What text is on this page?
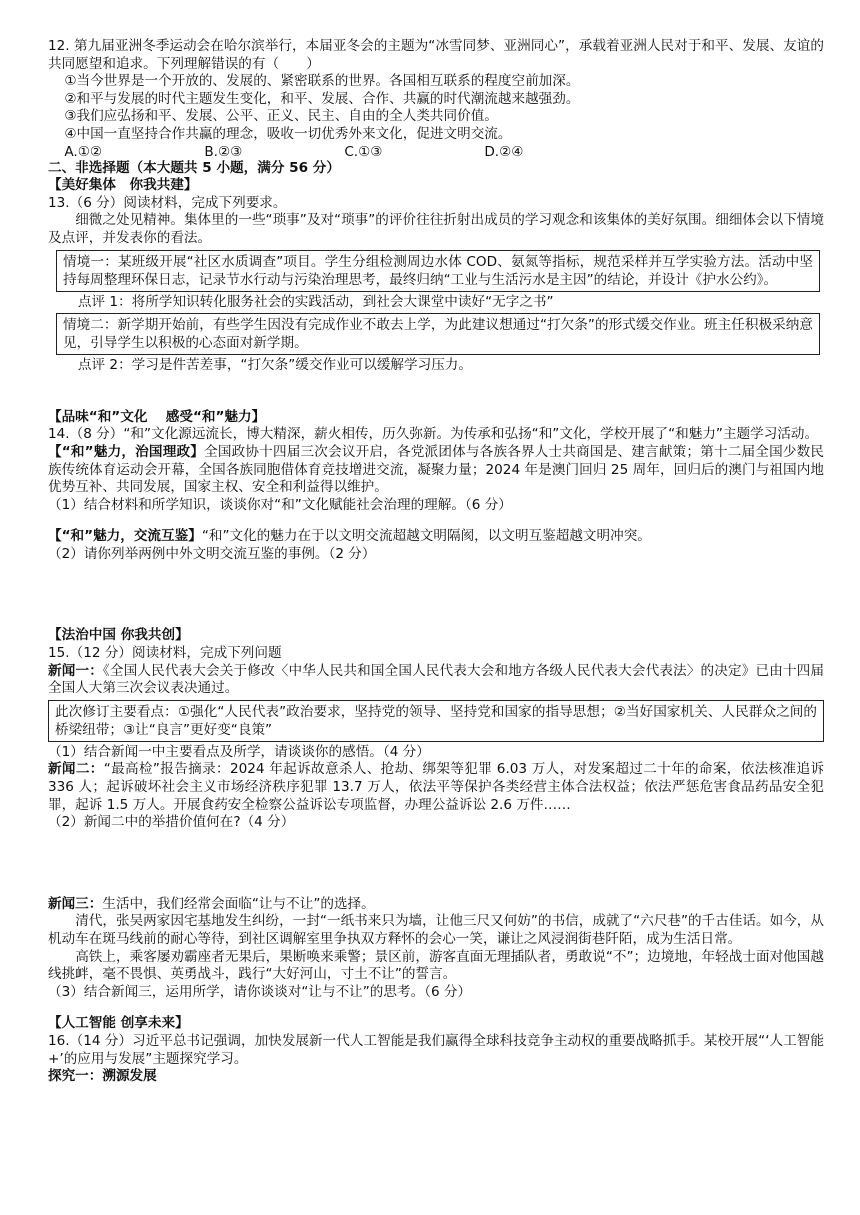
12. 第九届亚洲冬季运动会在哈尔滨举行，本届亚冬会的主题为“冰雪同梦、亚洲同心”，承载着亚洲人民对于和平、发展、友谊的共同愿望和追求。下列理解错误的有（　　）

①当今世界是一个开放的、发展的、紧密联系的世界。各国相互联系的程度空前加深。

②和平与发展的时代主题发生变化，和平、发展、合作、共赢的时代潮流越来越强劲。

③我们应弘扬和平、发展、公平、正义、民主、自由的全人类共同价值。

④中国一直坚持合作共赢的理念，吸收一切优秀外来文化，促进文明交流。

A.①②	B.②③	C.①③	D.②④

二、非选择题（本大题共 5 小题，满分 56 分）

【美好集体　你我共建】

13.（6 分）阅读材料，完成下列要求。

细微之处见精神。集体里的一些“琐事”及对“琐事”的评价往往折射出成员的学习观念和该集体的美好氛围。细细体会以下情境及点评，并发表你的看法。

情境一：某班级开展“社区水质调查”项目。学生分组检测周边水体 COD、氨氮等指标，规范采样并互学实验方法。活动中坚持每周整理环保日志，记录节水行动与污染治理思考，最终归纳“工业与生活污水是主因”的结论，并设计《护水公约》。

点评 1：将所学知识转化服务社会的实践活动，到社会大课堂中读好“无字之书”

情境二：新学期开始前，有些学生因没有完成作业不敢去上学，为此建议想通过“打欠条”的形式缓交作业。班主任积极采纳意见，引导学生以积极的心态面对新学期。

点评 2：学习是件苦差事，“打欠条”缓交作业可以缓解学习压力。

【品味“和”文化　 感受“和”魅力】

14.（8 分）“和”文化源远流长，博大精深，薪火相传，历久弥新。为传承和弘扬“和”文化，学校开展了“和魅力”主题学习活动。

【“和”魅力，治国理政】全国政协十四届三次会议开启，各党派团体与各族各界人士共商国是、建言献策；第十二届全国少数民族传统体育运动会开幕，全国各族同胞借体育竞技增进交流，凝聚力量；2024 年是澳门回归 25 周年，回归后的澳门与祖国内地优势互补、共同发展，国家主权、安全和利益得以维护。

（1）结合材料和所学知识，谈谈你对“和”文化赋能社会治理的理解。（6 分）

【“和”魅力，交流互鉴】“和”文化的魅力在于以文明交流超越文明隔阂，以文明互鉴超越文明冲突。

（2）请你列举两例中外文明交流互鉴的事例。（2 分）

【法治中国 你我共创】

15.（12 分）阅读材料，完成下列问题

新闻一：《全国人民代表大会关于修改〈中华人民共和国全国人民代表大会和地方各级人民代表大会代表法〉的决定》已由十四届全国人大第三次会议表决通过。

此次修订主要看点：①强化“人民代表”政治要求，坚持党的领导、坚持党和国家的指导思想；②当好国家机关、人民群众之间的桥梁纽带；③让“良言”更好变“良策”

（1）结合新闻一中主要看点及所学，请谈谈你的感悟。（4 分）

新闻二：“最高检”报告摘录：2024 年起诉故意杀人、抢劫、绑架等犯罪 6.03 万人，对发案超过二十年的命案，依法核准追诉 336 人；起诉破坏社会主义市场经济秩序犯罪 13.7 万人，依法平等保护各类经营主体合法权益；依法严惩危害食品药品安全犯罪，起诉 1.5 万人。开展食药安全检察公益诉讼专项监督，办理公益诉讼 2.6 万件……

（2）新闻二中的举措价值何在?（4 分）

新闻三：生活中，我们经常会面临“让与不让”的选择。

清代，张吴两家因宅基地发生纠纷，一封“一纸书来只为墙，让他三尺又何妨”的书信，成就了“六尺巷”的千古佳话。如今，从机动车在斑马线前的耐心等待，到社区调解室里争执双方释怀的会心一笑，谦让之风浸润街巷阡陌，成为生活日常。

高铁上，乘客屡劝霸座者无果后，果断唤来乘警；景区前，游客直面无理插队者，勇敢说“不”；边境地，年轻战士面对他国越线挑衅，毫不畏惧、英勇战斗，践行“大好河山，寸土不让”的誓言。

（3）结合新闻三，运用所学，请你谈谈对“让与不让”的思考。（6 分）

【人工智能 创享未来】

16.（14 分）习近平总书记强调，加快发展新一代人工智能是我们赢得全球科技竞争主动权的重要战略抓手。某校开展“‘人工智能+’的应用与发展”主题探究学习。

探究一：溯源发展
